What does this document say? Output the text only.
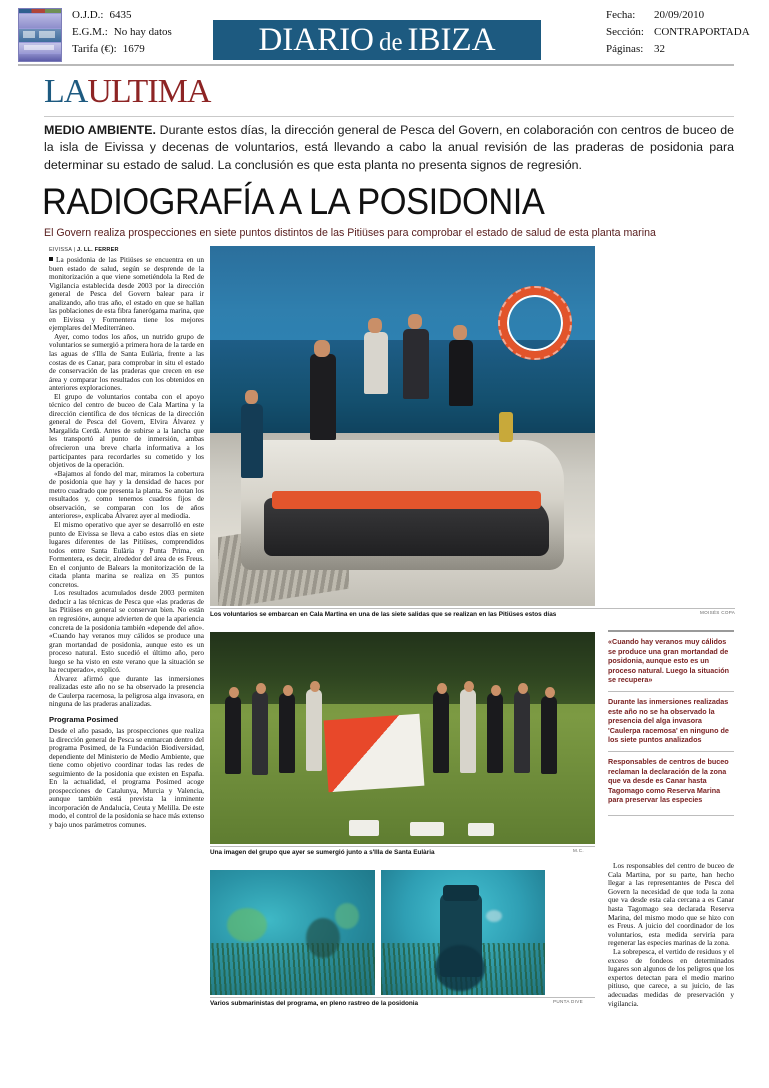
O.J.D.: 6435
E.G.M.: No hay datos
Tarifa (€): 1679	DIARIO de IBIZA
Fecha: 20/09/2010
Sección: CONTRAPORTADA
Páginas: 32
LAULTIMA
MEDIO AMBIENTE. Durante estos días, la dirección general de Pesca del Govern, en colaboración con centros de buceo de la isla de Eivissa y decenas de voluntarios, está llevando a cabo la anual revisión de las praderas de posidonia para determinar su estado de salud. La conclusión es que esta planta no presenta signos de regresión.
RADIOGRAFÍA A LA POSIDONIA
El Govern realiza prospecciones en siete puntos distintos de las Pitiüses para comprobar el estado de salud de esta planta marina
EIVISSA | J. LL. FERRER

La posidonia de las Pitiüses se encuentra en un buen estado de salud, según se desprende de la monitorización a que viene sometiéndola la Red de Vigilancia establecida desde 2003 por la dirección general de Pesca del Govern balear para ir analizando, año tras año, el estado en que se hallan las poblaciones de esta fibra fanerógama marina, que en Eivissa y Formentera tiene los mejores ejemplares del Mediterráneo.

Ayer, como todos los años, un nutrido grupo de voluntarios se sumergió a primera hora de la tarde en las aguas de s'Illa de Santa Eulària, frente a las costas de es Canar, para comprobar in situ el estado de conservación de las praderas que crecen en ese área y comparar los resultados con los obtenidos en anteriores exploraciones.

El grupo de voluntarios contaba con el apoyo técnico del centro de buceo de Cala Martina y la dirección científica de dos técnicas de la dirección general de Pesca del Govern, Elvira Álvarez y Margalida Cerdà. Antes de subirse a la lancha que les transportó al punto de inmersión, ambas ofrecieron una breve charla informativa a los participantes para recordarles su cometido y los objetivos de la operación.

«Bajamos al fondo del mar, miramos la cobertura de posidonia que hay y la densidad de haces por metro cuadrado que presenta la planta. Se anotan los resultados y, como tenemos cuadros fijos de observación, se comparan con los de años anteriores», explicaba Álvarez ayer al mediodía.

El mismo operativo que ayer se desarrolló en este punto de Eivissa se lleva a cabo estos días en siete lugares diferentes de las Pitiüses, comprendidos todos entre Santa Eulària y Punta Prima, en Formentera, es decir, alrededor del área de es Freus. En el conjunto de Balears la monitorización de la citada planta marina se realiza en 35 puntos concretos.

Los resultados acumulados desde 2003 permiten deducir a las técnicas de Pesca que «las praderas de las Pitiüses en general se conservan bien. No están en regresión», aunque advierten de que la apariencia concreta de la posidonia también «depende del año». «Cuando hay veranos muy cálidos se produce una gran mortandad de posidonia, aunque esto es un proceso natural. Esto sucedió el último año, pero luego se ha visto en este verano que la situación se ha recuperado», explicó.

Álvarez afirmó que durante las inmersiones realizadas este año no se ha observado la presencia de Caulerpa racemosa, la peligrosa alga invasora, en ninguna de las praderas analizadas.

Programa Posimed

Desde el año pasado, las prospecciones que realiza la dirección general de Pesca se enmarcan dentro del programa Posimed, de la Fundación Biodiversidad, dependiente del Ministerio de Medio Ambiente, que tiene como objetivo coordinar todas las redes de seguimiento de la posidonia que existen en España. En la actualidad, el programa Posimed acoge prospecciones de Catalunya, Murcia y Valencia, aunque también está prevista la inminente incorporación de Andalucía, Ceuta y Melilla. De este modo, el control de la posidonia se hace más extenso y bajo unos parámetros comunes.

Los voluntarios se embarcan en Cala Martina en una de las siete salidas que se realizan en las Pitiüses estos días	MOISÉS COPA
Una imagen del grupo que ayer se sumergió junto a s'Illa de Santa Eulària	M.C.
Varios submarinistas del programa, en pleno rastreo de la posidonia	PUNTA DIVE
«Cuando hay veranos muy cálidos se produce una gran mortandad de posidonia, aunque esto es un proceso natural. Luego la situación se recupera»
Durante las inmersiones realizadas este año no se ha observado la presencia del alga invasora 'Caulerpa racemosa' en ninguno de los siete puntos analizados
Responsables de centros de buceo reclaman la declaración de la zona que va desde es Canar hasta Tagomago como Reserva Marina para preservar las especies

Los responsables del centro de buceo de Cala Martina, por su parte, han hecho llegar a las representantes de Pesca del Govern la necesidad de que toda la zona que va desde esta cala cercana a es Canar hasta Tagomago sea declarada Reserva Marina, del mismo modo que se hizo con es Freus. A juicio del coordinador de los voluntarios, esta medida serviría para regenerar las especies marinas de la zona.

La sobrepesca, el vertido de residuos y el exceso de fondeos en determinados lugares son algunos de los peligros que los expertos detectan para el medio marino pitiuso, que carece, a su juicio, de las adecuadas medidas de preservación y vigilancia.
